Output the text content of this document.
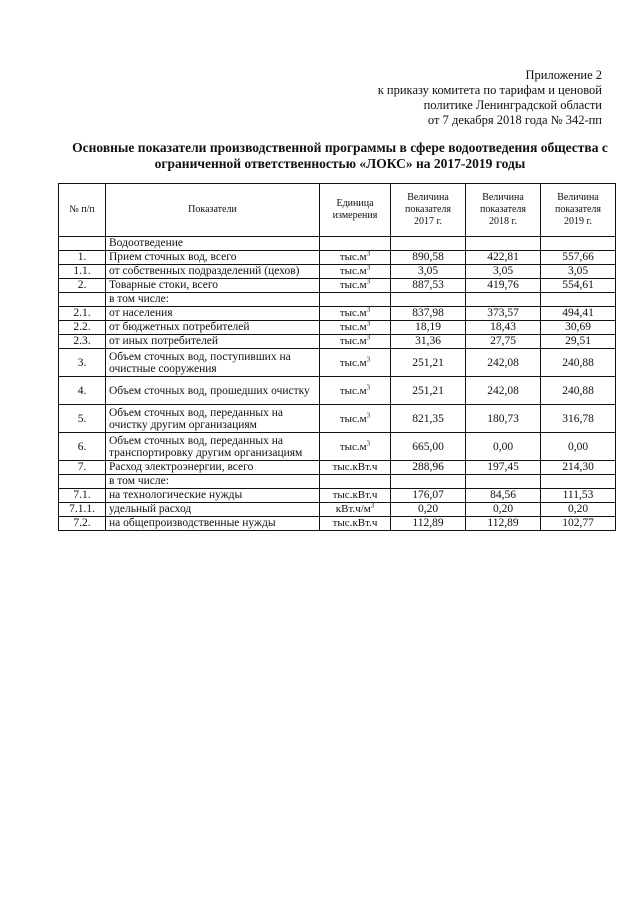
Приложение 2
к приказу комитета по тарифам и ценовой
политике Ленинградской области
от 7 декабря 2018 года № 342-пп
Основные показатели производственной программы в сфере водоотведения общества с
ограниченной ответственностью «ЛОКС» на 2017-2019 годы
№ п/п	Показатели	Единица измерения	Величина показателя 2017 г.	Величина показателя 2018 г.	Величина показателя 2019 г.
	Водоотведение				
1.	Прием сточных вод, всего	$тыс.м^3$	890,58	422,81	557,66
1.1.	от собственных подразделений (цехов)	$тыс.м^3$	3,05	3,05	3,05
2.	Товарные стоки, всего	$тыс.м^3$	887,53	419,76	554,61
	в том числе:				
2.1.	от населения	$тыс.м^3$	837,98	373,57	494,41
2.2.	от бюджетных потребителей	$тыс.м^3$	18,19	18,43	30,69
2.3.	от иных потребителей	$тыс.м^3$	31,36	27,75	29,51
3.	Объем сточных вод, поступивших на очистные сооружения	$тыс.м^3$	251,21	242,08	240,88
4.	Объем сточных вод, прошедших очистку	$тыс.м^3$	251,21	242,08	240,88
5.	Объем сточных вод, переданных на очистку другим организациям	$тыс.м^3$	821,35	180,73	316,78
6.	Объем сточных вод, переданных на транспортировку другим организациям	$тыс.м^3$	665,00	0,00	0,00
7.	Расход электроэнергии, всего	тыс.кВт.ч	288,96	197,45	214,30
	в том числе:				
7.1.	на технологические нужды	тыс.кВт.ч	176,07	84,56	111,53
7.1.1.	удельный расход	$кВт.ч/м^3$	0,20	0,20	0,20
7.2.	на общепроизводственные нужды	тыс.кВт.ч	112,89	112,89	102,77
